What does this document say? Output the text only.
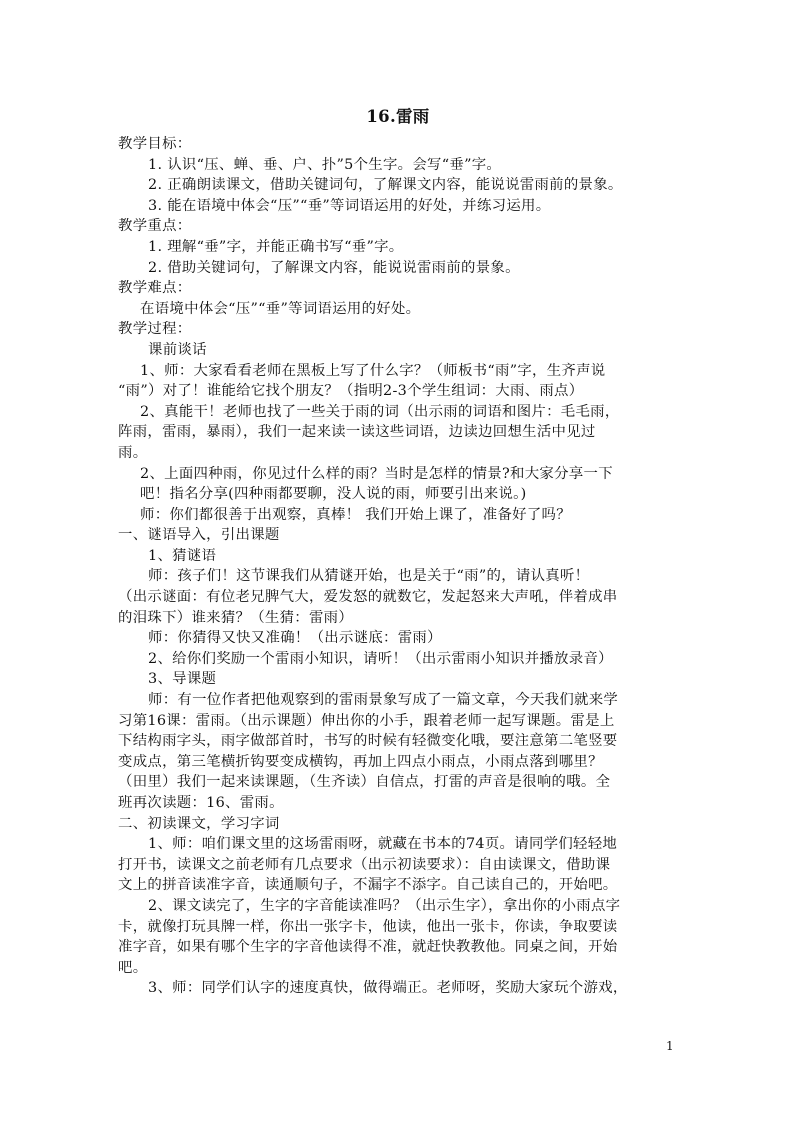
16.雷雨
教学目标：
1. 认识“压、蝉、垂、户、扑”5个生字。会写“垂”字。
2. 正确朗读课文，借助关键词句，了解课文内容，能说说雷雨前的景象。
3. 能在语境中体会“压”“垂”等词语运用的好处，并练习运用。
教学重点：
1. 理解“垂”字，并能正确书写“垂”字。
2. 借助关键词句，了解课文内容，能说说雷雨前的景象。
教学难点：
在语境中体会“压”“垂”等词语运用的好处。
教学过程：
课前谈话
1、师：大家看看老师在黑板上写了什么字？（师板书“雨”字，生齐声说
“雨”）对了！谁能给它找个朋友？（指明2-3个学生组词：大雨、雨点）
2、真能干！老师也找了一些关于雨的词（出示雨的词语和图片：毛毛雨，
阵雨，雷雨，暴雨），我们一起来读一读这些词语，边读边回想生活中见过
雨。
2、上面四种雨，你见过什么样的雨？当时是怎样的情景?和大家分享一下
吧！指名分享(四种雨都要聊，没人说的雨，师要引出来说。)
师：你们都很善于出观察，真棒！ 我们开始上课了，准备好了吗？
一、谜语导入，引出课题
1、猜谜语
师：孩子们！这节课我们从猜谜开始，也是关于“雨”的，请认真听！
（出示谜面：有位老兄脾气大，爱发怒的就数它，发起怒来大声吼，伴着成串
的泪珠下）谁来猜？（生猜：雷雨）
师：你猜得又快又准确！（出示谜底：雷雨）
2、给你们奖励一个雷雨小知识，请听！（出示雷雨小知识并播放录音）
3、导课题
师：有一位作者把他观察到的雷雨景象写成了一篇文章，今天我们就来学
习第16课：雷雨。（出示课题）伸出你的小手，跟着老师一起写课题。雷是上
下结构雨字头，雨字做部首时，书写的时候有轻微变化哦，要注意第二笔竖要
变成点，第三笔横折钩要变成横钩，再加上四点小雨点，小雨点落到哪里？
（田里）我们一起来读课题，（生齐读）自信点，打雷的声音是很响的哦。全
班再次读题：16、雷雨。
二、初读课文，学习字词
1、师：咱们课文里的这场雷雨呀，就藏在书本的74页。请同学们轻轻地
打开书，读课文之前老师有几点要求（出示初读要求）：自由读课文，借助课
文上的拼音读准字音，读通顺句子，不漏字不添字。自己读自己的，开始吧。
2、课文读完了，生字的字音能读准吗？（出示生字），拿出你的小雨点字
卡，就像打玩具牌一样，你出一张字卡，他读，他出一张卡，你读，争取要读
准字音，如果有哪个生字的字音他读得不准，就赶快教教他。同桌之间，开始
吧。
3、师：同学们认字的速度真快，做得端正。老师呀，奖励大家玩个游戏，
1
